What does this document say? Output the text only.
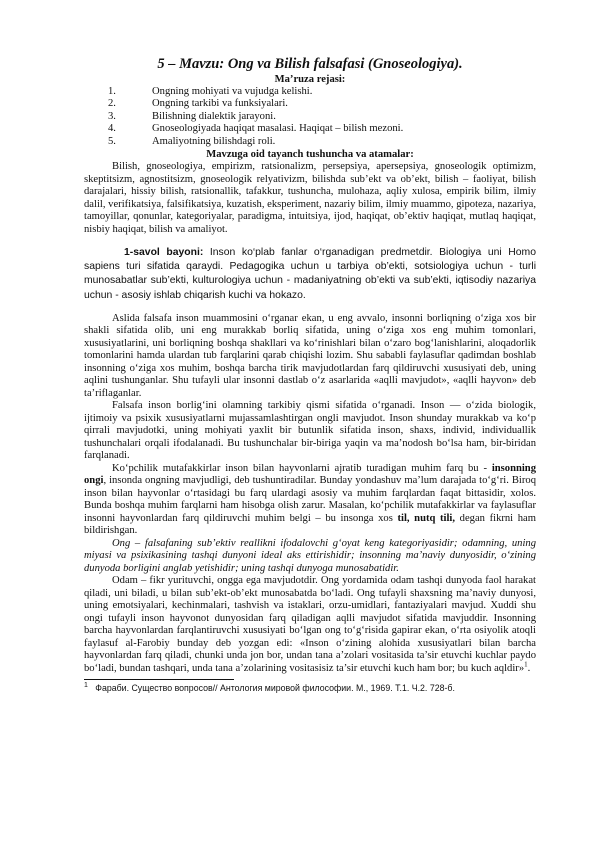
5 – Mavzu: Ong va Bilish falsafasi (Gnoseologiya).
Ma’ruza rejasi:
1.	Ongning mohiyati va vujudga kelishi.
2.	Ongning tarkibi va funksiyalari.
3.	Bilishning dialektik jarayoni.
4.	Gnoseologiyada haqiqat masalasi. Haqiqat – bilish mezoni.
5.	Amaliyotning bilishdagi roli.
Mavzuga oid tayanch tushuncha va atamalar:

Bilish, gnoseologiya, empirizm, ratsionalizm, persepsiya, apersepsiya, gnoseologik optimizm, skeptitsizm, agnostitsizm, gnoseologik relyativizm, bilishda sub’ekt va ob’ekt, bilish – faoliyat, bilish darajalari, hissiy bilish, ratsionallik, tafakkur, tushuncha, mulohaza, aqliy xulosa, empirik bilim, ilmiy dalil, verifikatsiya, falsifikatsiya, kuzatish, eksperiment, nazariy bilim, ilmiy muammo, gipoteza, nazariya, tamoyillar, qonunlar, kategoriyalar, paradigma, intuitsiya, ijod, haqiqat, ob’ektiv haqiqat, mutlaq haqiqat, nisbiy haqiqat, bilish va amaliyot.

1-savol bayoni: Inson ko‘plab fanlar o‘rganadigan predmetdir. Biologiya uni Homo sapiens turi sifatida qaraydi. Pedagogika uchun u tarbiya ob’ekti, sotsiologiya uchun - turli munosabatlar sub’ekti, kulturologiya uchun - madaniyatning ob’ekti va sub’ekti, iqtisodiy nazariya uchun - asosiy ishlab chiqarish kuchi va hokazo.

Aslida falsafa inson muammosini o‘rganar ekan, u eng avvalo, insonni borliqning o‘ziga xos bir shakli sifatida olib, uni eng murakkab borliq sifatida, uning o‘ziga xos eng muhim tomonlari, xususiyatlarini, uni borliqning boshqa shakllari va ko‘rinishlari bilan o‘zaro bog‘lanishlarini, aloqadorlik tomonlarini hamda ulardan tub farqlarini qarab chiqishi lozim. Shu sababli faylasuflar qadimdan boshlab insonning o‘ziga xos muhim, boshqa barcha tirik mavjudotlardan farq qildiruvchi xususiyati deb, uning aqlini tushunganlar. Shu tufayli ular insonni dastlab o‘z asarlarida «aqlli mavjudot», «aqlli hayvon» deb ta’riflaganlar.

Falsafa inson borlig‘ini olamning tarkibiy qismi sifatida o‘rganadi. Inson — o‘zida biologik, ijtimoiy va psixik xususiyatlarni mujassamlashtirgan ongli mavjudot. Inson shunday murakkab va ko‘p qirrali mavjudotki, uning mohiyati yaxlit bir butunlik sifatida inson, shaxs, individ, individuallik tushunchalari orqali ifodalanadi. Bu tushunchalar bir-biriga yaqin va ma’nodosh bo‘lsa ham, bir-biridan farqlanadi.

Ko‘pchilik mutafakkirlar inson bilan hayvonlarni ajratib turadigan muhim farq bu - insonning ongi, insonda ongning mavjudligi, deb tushuntiradilar. Bunday yondashuv ma’lum darajada to‘g‘ri. Biroq inson bilan hayvonlar o‘rtasidagi bu farq ulardagi asosiy va muhim farqlardan faqat bittasidir, xolos. Bunda boshqa muhim farqlarni ham hisobga olish zarur. Masalan, ko‘pchilik mutafakkirlar va faylasuflar insonni hayvonlardan farq qildiruvchi muhim belgi – bu insonga xos til, nutq tili, degan fikrni ham bildirishgan.

Ong – falsafaning sub’ektiv reallikni ifodalovchi g‘oyat keng kategoriyasidir; odamning, uning miyasi va psixikasining tashqi dunyoni ideal aks ettirishidir; insonning ma’naviy dunyosidir, o‘zining dunyoda borligini anglab yetishidir; uning tashqi dunyoga munosabatidir.

Odam – fikr yurituvchi, ongga ega mavjudotdir. Ong yordamida odam tashqi dunyoda faol harakat qiladi, uni biladi, u bilan sub’ekt-ob’ekt munosabatda bo‘ladi. Ong tufayli shaxsning ma’naviy dunyosi, uning emotsiyalari, kechinmalari, tashvish va istaklari, orzu-umidlari, fantaziyalari mavjud. Xuddi shu ongi tufayli inson hayvonot dunyosidan farq qiladigan aqlli mavjudot sifatida mavjuddir. Insonning barcha hayvonlardan farqlantiruvchi xususiyati bo‘lgan ong to‘g‘risida gapirar ekan, o‘rta osiyolik atoqli faylasuf al-Farobiy bunday deb yozgan edi: «Inson o‘zining alohida xususiyatlari bilan barcha hayvonlardan farq qiladi, chunki unda jon bor, undan tana a’zolari vositasida ta’sir etuvchi kuchlar paydo bo‘ladi, bundan tashqari, unda tana a’zolarining vositasisiz ta’sir etuvchi kuch ham bor; bu kuch aqldir»$^1$.

$^1$ Фараби. Существо вопросов// Антология мировой философии. М., 1969. Т.1. Ч.2. 728-б.
